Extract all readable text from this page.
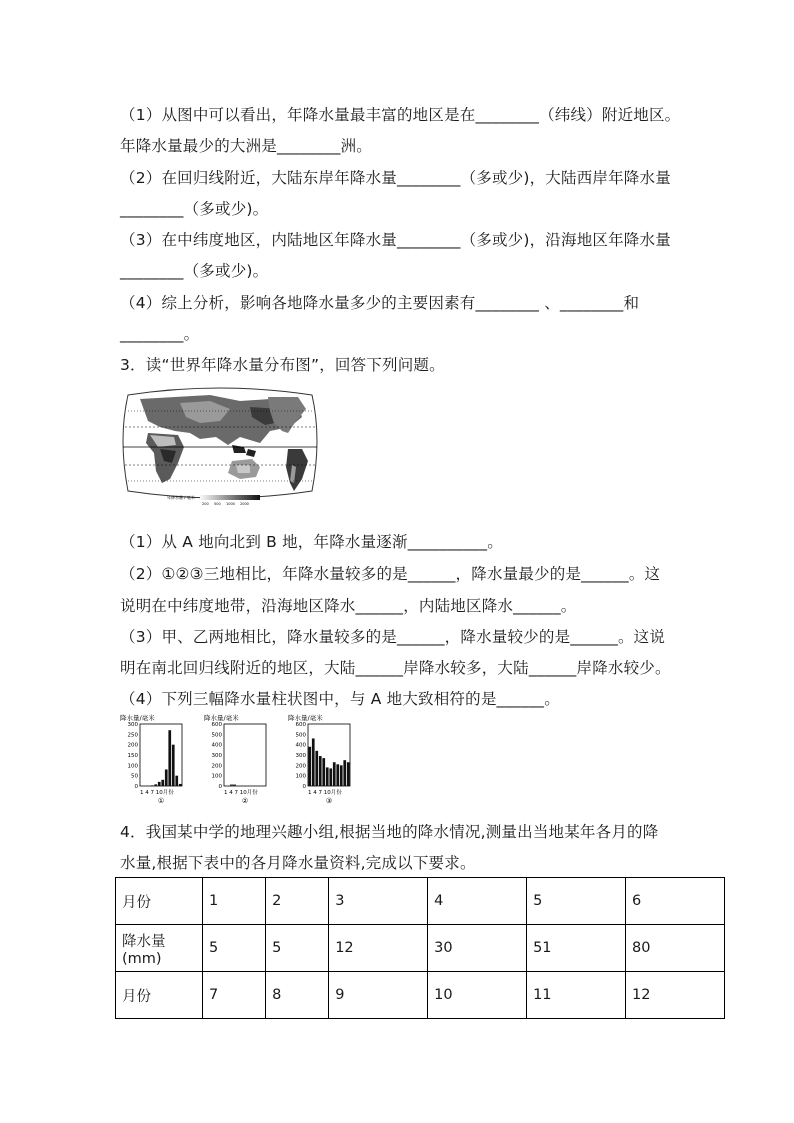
（1）从图中可以看出，年降水量最丰富的地区是在________（纬线）附近地区。
年降水量最少的大洲是________洲。
（2）在回归线附近，大陆东岸年降水量________（多或少)，大陆西岸年降水量
________（多或少)。
（3）在中纬度地区，内陆地区年降水量________（多或少)，沿海地区年降水量
________（多或少)。
（4）综上分析，影响各地降水量多少的主要因素有________ 、________和
________。
3．读“世界年降水量分布图”，回答下列问题。
年降水量 / 毫米
200 500 1000 2000
（1）从 A 地向北到 B 地，年降水量逐渐__________。
（2）①②③三地相比，年降水量较多的是______，降水量最少的是______。这
说明在中纬度地带，沿海地区降水______，内陆地区降水______。
（3）甲、乙两地相比，降水量较多的是______，降水量较少的是______。这说
明在南北回归线附近的地区，大陆______岸降水较多，大陆______岸降水较少。
（4）下列三幅降水量柱状图中，与 A 地大致相符的是______。
降水量/毫米
300
250
200
150
100
50
0
1 4 7 10月份
①
降水量/毫米
600
500
400
300
200
100
0
1 4 7 10月份
②
降水量/毫米
600
500
400
300
200
100
0
1 4 7 10月份
③
4．我国某中学的地理兴趣小组,根据当地的降水情况,测量出当地某年各月的降
水量,根据下表中的各月降水量资料,完成以下要求。
月份	1	2	3	4	5	6
降水量(mm)	5	5	12	30	51	80
月份	7	8	9	10	11	12
